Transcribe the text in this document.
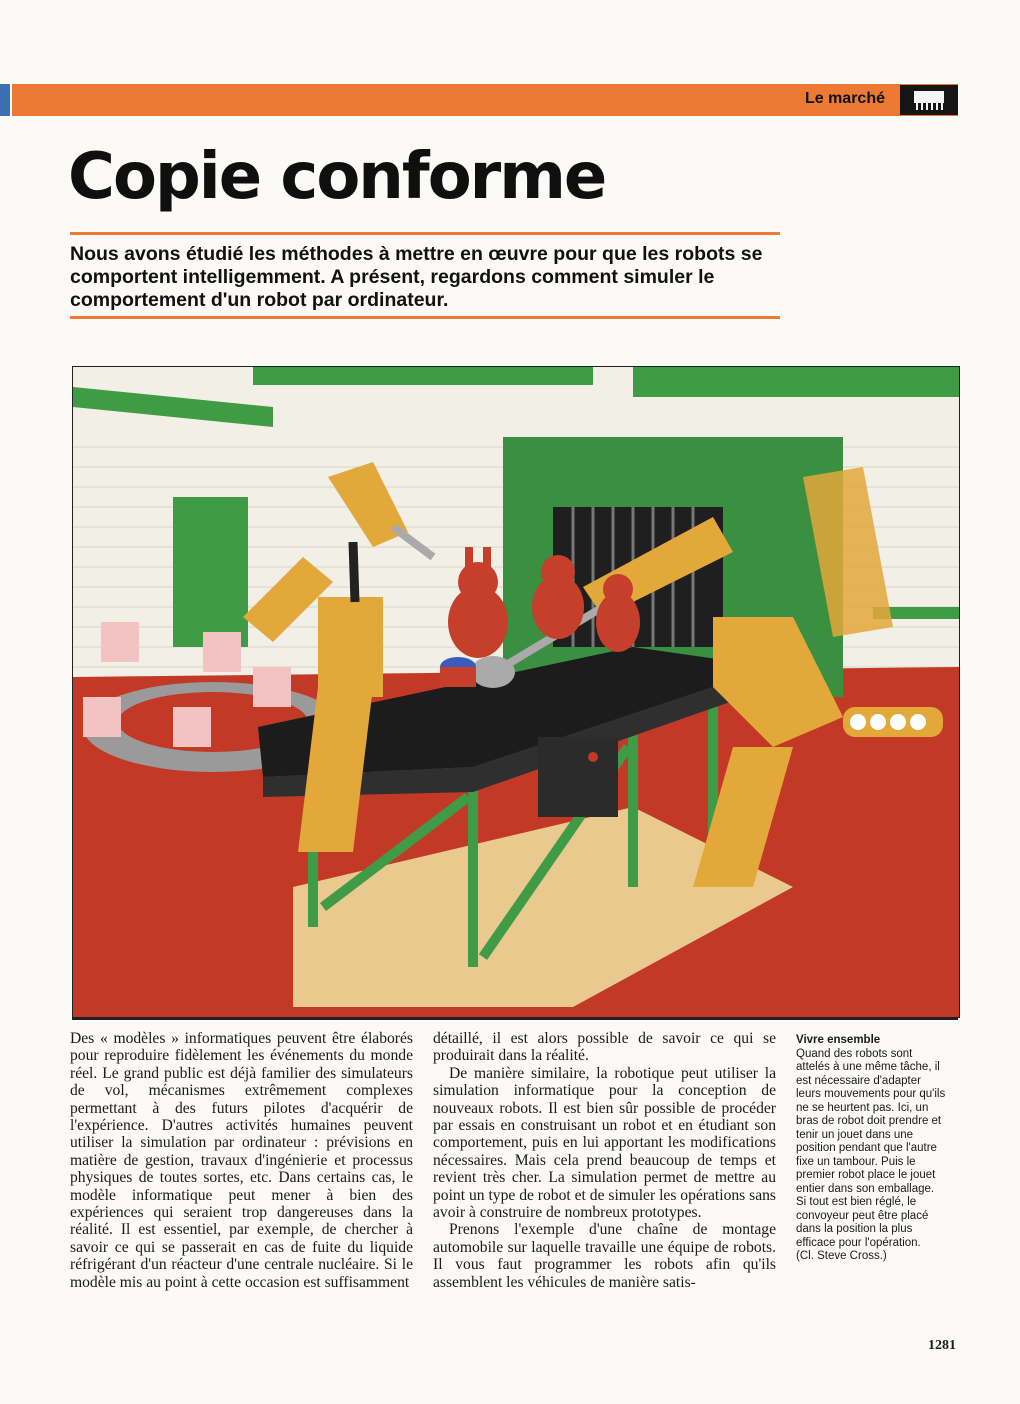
Le marché
Copie conforme

Nous avons étudié les méthodes à mettre en œuvre pour que les robots se comportent intelligemment. A présent, regardons comment simuler le comportement d'un robot par ordinateur.

Des « modèles » informatiques peuvent être élaborés pour reproduire fidèlement les événements du monde réel. Le grand public est déjà familier des simulateurs de vol, mécanismes extrêmement complexes permettant à des futurs pilotes d'acquérir de l'expérience. D'autres activités humaines peuvent utiliser la simulation par ordinateur : prévisions en matière de gestion, travaux d'ingénierie et processus physiques de toutes sortes, etc. Dans certains cas, le modèle informatique peut mener à bien des expériences qui seraient trop dangereuses dans la réalité. Il est essentiel, par exemple, de chercher à savoir ce qui se passerait en cas de fuite du liquide réfrigérant d'un réacteur d'une centrale nucléaire. Si le modèle mis au point à cette occasion est suffisamment

détaillé, il est alors possible de savoir ce qui se produirait dans la réalité.

De manière similaire, la robotique peut utiliser la simulation informatique pour la conception de nouveaux robots. Il est bien sûr possible de procéder par essais en construisant un robot et en étudiant son comportement, puis en lui apportant les modifications nécessaires. Mais cela prend beaucoup de temps et revient très cher. La simulation permet de mettre au point un type de robot et de simuler les opérations sans avoir à construire de nombreux prototypes.

Prenons l'exemple d'une chaîne de montage automobile sur laquelle travaille une équipe de robots. Il vous faut programmer les robots afin qu'ils assemblent les véhicules de manière satis-

Vivre ensemble
Quand des robots sont attelés à une même tâche, il est nécessaire d'adapter leurs mouvements pour qu'ils ne se heurtent pas. Ici, un bras de robot doit prendre et tenir un jouet dans une position pendant que l'autre fixe un tambour. Puis le premier robot place le jouet entier dans son emballage. Si tout est bien réglé, le convoyeur peut être placé dans la position la plus efficace pour l'opération.
(Cl. Steve Cross.)
1281
